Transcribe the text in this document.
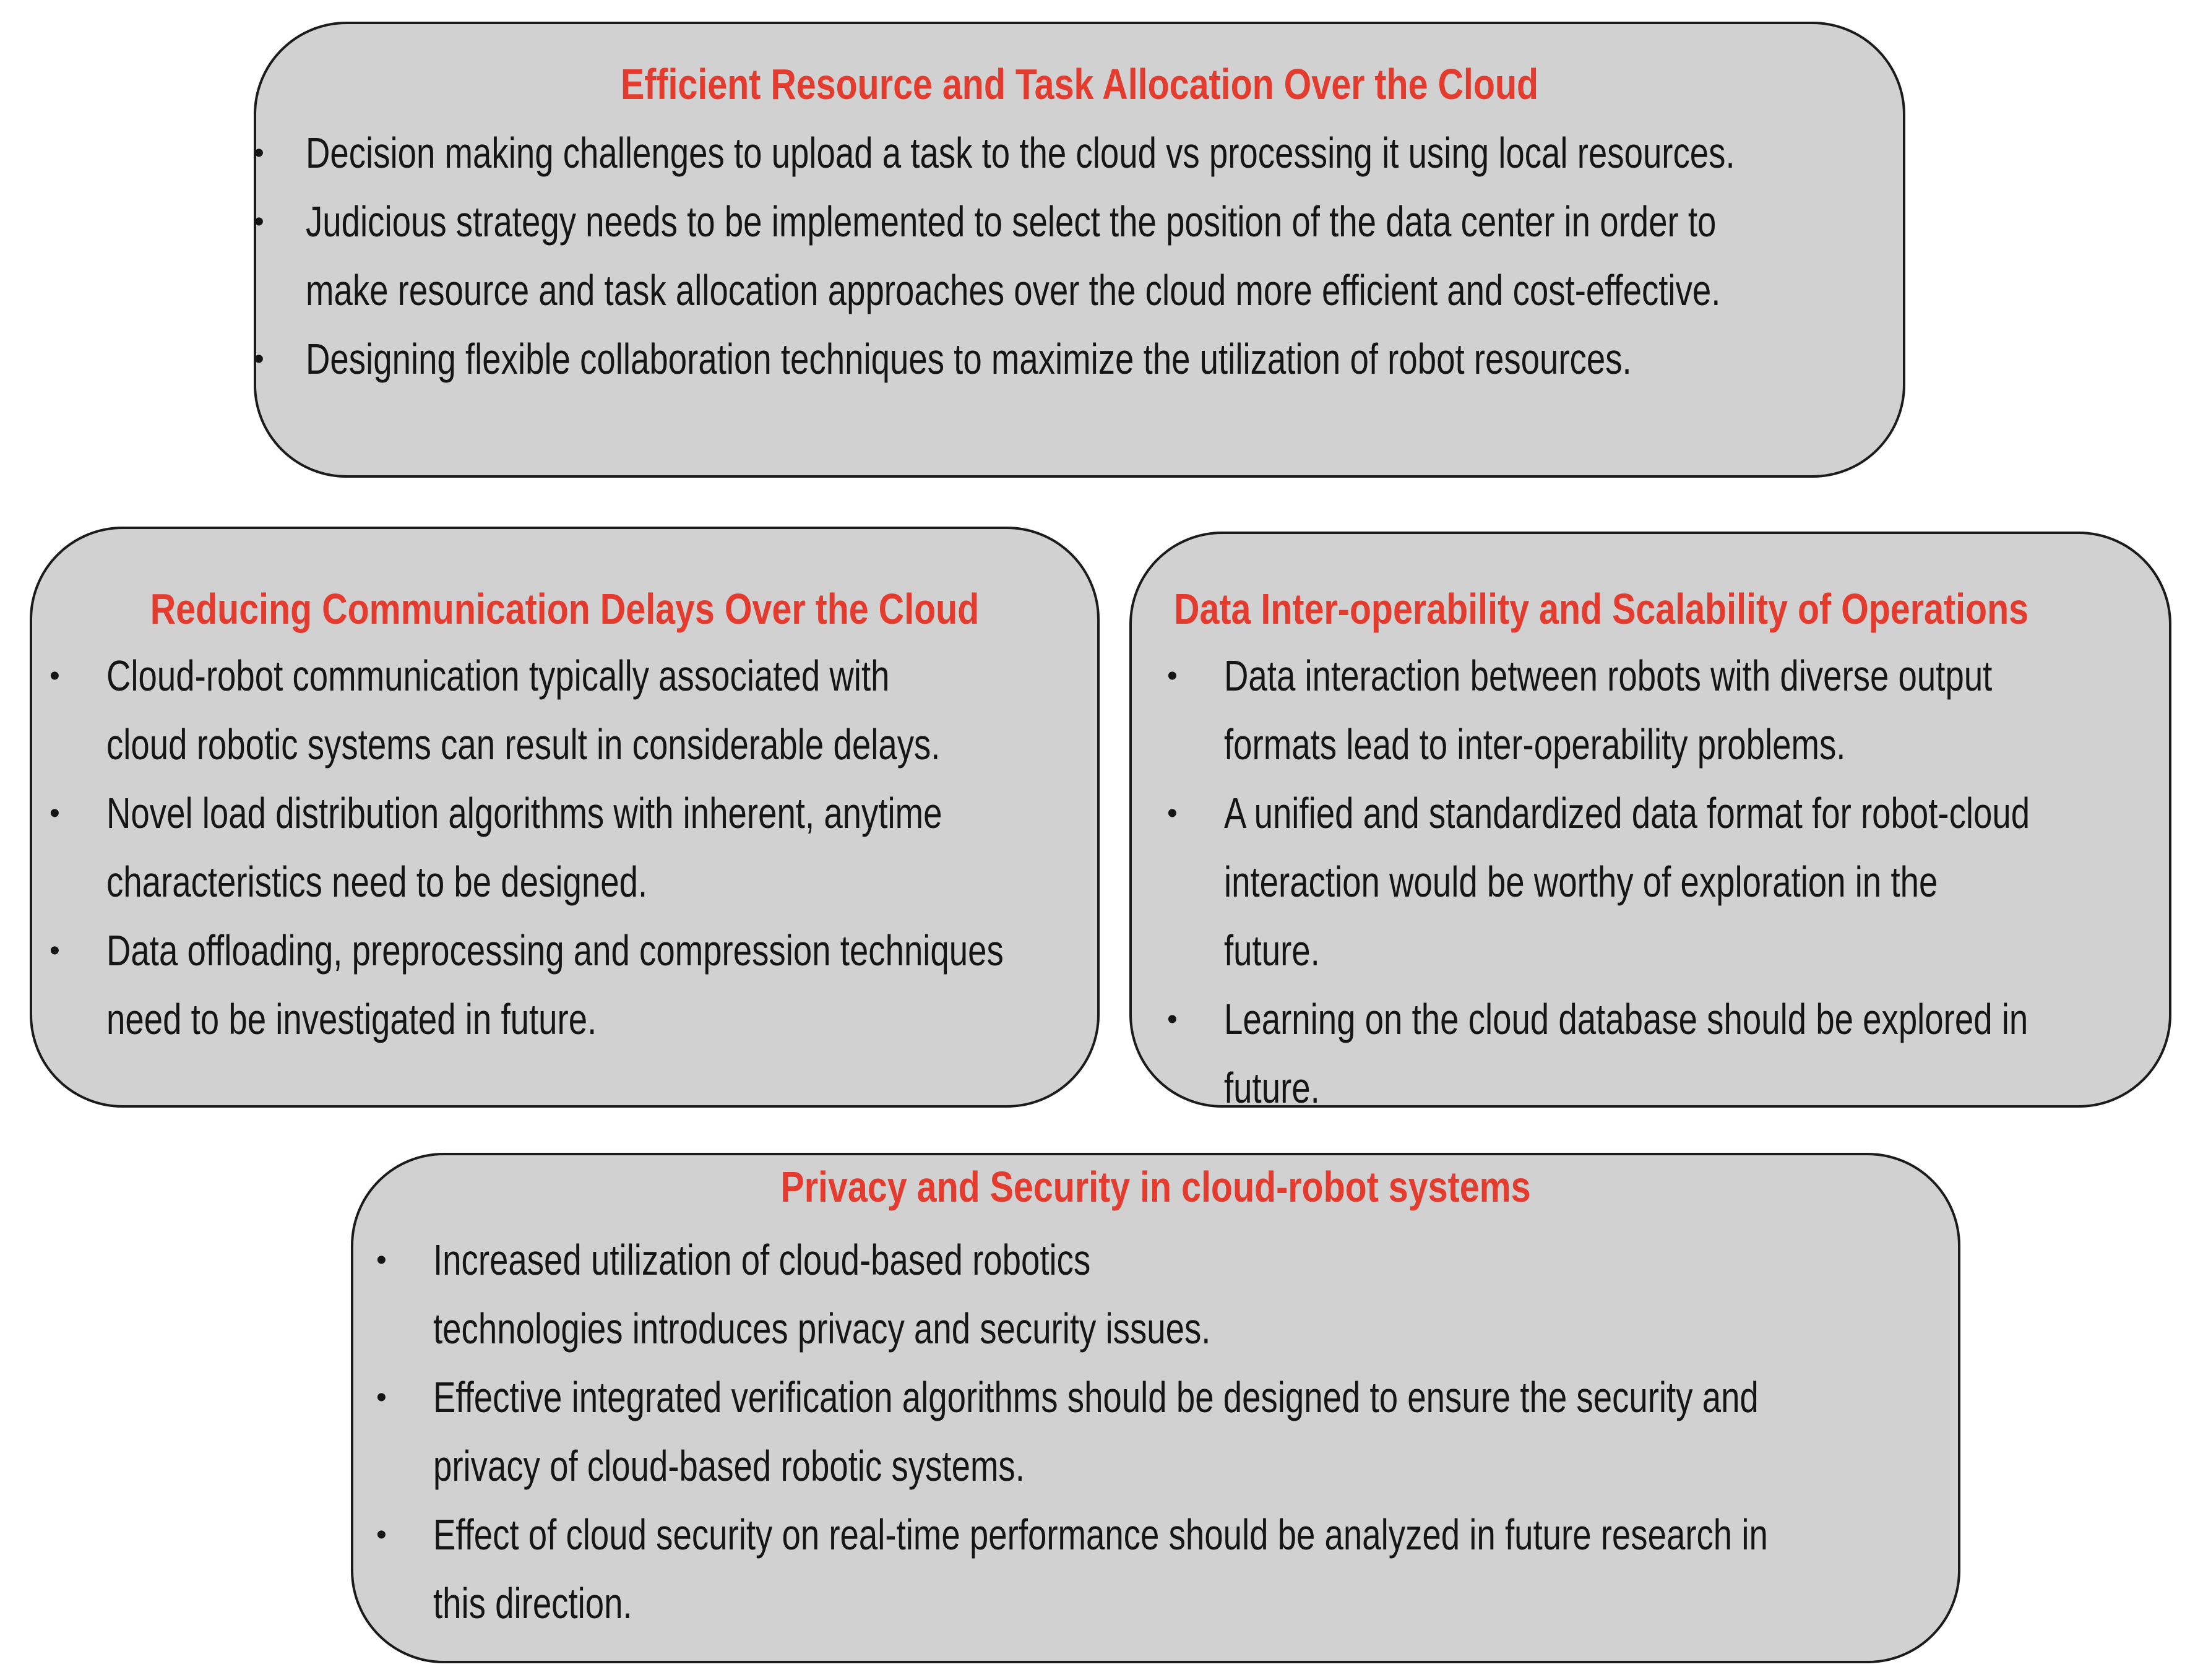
Efficient Resource and Task Allocation Over the Cloud
Reducing Communication Delays Over the Cloud	Data Inter-operability and Scalability of Operations
Privacy and Security in cloud-robot systems
• Decision making challenges to upload a task to the cloud vs processing it using local resources.
• Judicious strategy needs to be implemented to select the position of the data center in order to
make resource and task allocation approaches over the cloud more efficient and cost-effective.
• Designing flexible collaboration techniques to maximize the utilization of robot resources.
• Cloud-robot communication typically associated with
cloud robotic systems can result in considerable delays.
• Novel load distribution algorithms with inherent, anytime
characteristics need to be designed.
• Data offloading, preprocessing and compression techniques
need to be investigated in future.
• Data interaction between robots with diverse output
formats lead to inter-operability problems.
• A unified and standardized data format for robot-cloud
interaction would be worthy of exploration in the
future.
• Learning on the cloud database should be explored in
future.
• Increased utilization of cloud-based robotics
technologies introduces privacy and security issues.
• Effective integrated verification algorithms should be designed to ensure the security and
privacy of cloud-based robotic systems.
• Effect of cloud security on real-time performance should be analyzed in future research in
this direction.
